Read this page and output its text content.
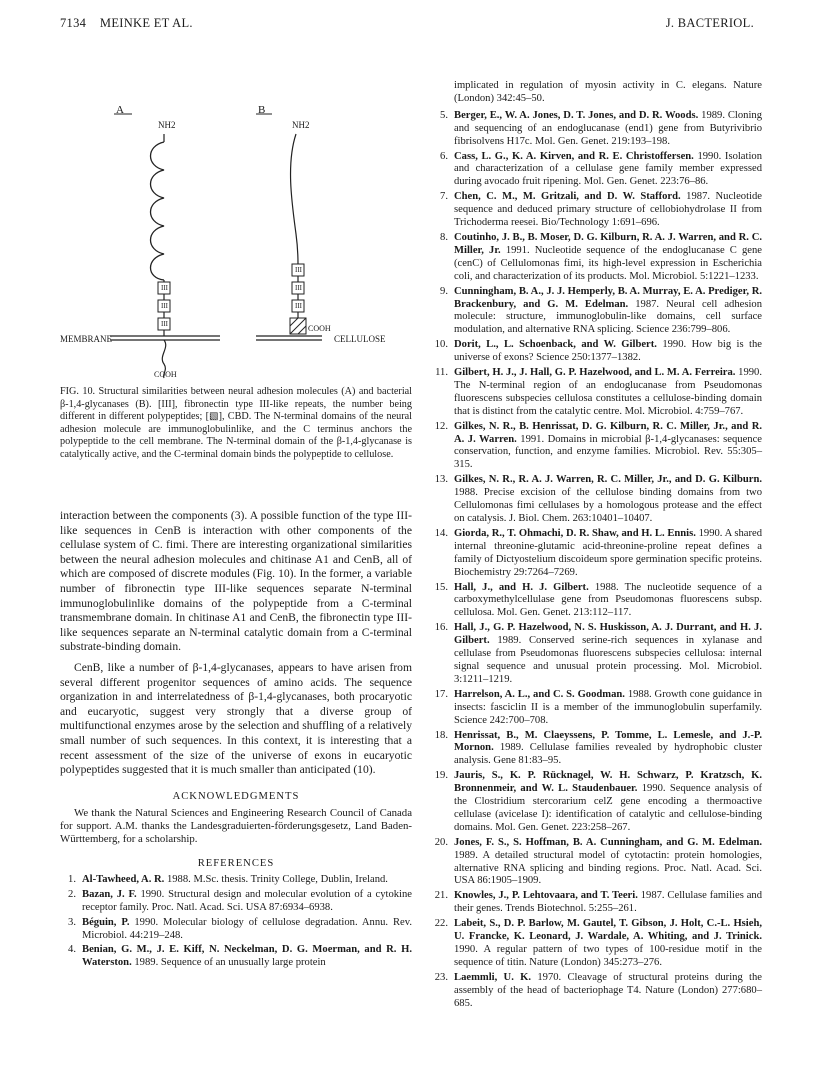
7134 MEINKE ET AL.	J. BACTERIOL.
A	B
NH2	NH2
III
III
III
III
III
III
MEMBRANE	CELLULOSE
COOH
COOH
FIG. 10. Structural similarities between neural adhesion molecules (A) and bacterial β-1,4-glycanases (B). [III], fibronectin type III-like repeats, the number being different in different polypeptides; [▧], CBD. The N-terminal domains of the neural adhesion molecule are immunoglobulinlike, and the C terminus anchors the polypeptide to the cell membrane. The N-terminal domain of the β-1,4-glycanase is catalytically active, and the C-terminal domain binds the polypeptide to cellulose.

interaction between the components (3). A possible function of the type III-like sequences in CenB is interaction with other components of the cellulase system of C. fimi. There are interesting organizational similarities between the neural adhesion molecules and chitinase A1 and CenB, all of which are composed of discrete modules (Fig. 10). In the former, a variable number of fibronectin type III-like sequences separate N-terminal immunoglobulinlike domains of the polypeptide from a C-terminal transmembrane domain. In chitinase A1 and CenB, the fibronectin type III-like sequences separate an N-terminal catalytic domain from a C-terminal substrate-binding domain.

CenB, like a number of β-1,4-glycanases, appears to have arisen from several different progenitor sequences of amino acids. The sequence organization in and interrelatedness of β-1,4-glycanases, both procaryotic and eucaryotic, suggest very strongly that a diverse group of multifunctional enzymes arose by the selection and shuffling of a relatively small number of such sequences. In this context, it is interesting that a recent assessment of the size of the universe of exons in eucaryotic polypeptides suggested that it is much smaller than anticipated (10).

ACKNOWLEDGMENTS
We thank the Natural Sciences and Engineering Research Council of Canada for support. A.M. thanks the Landesgraduierten-förderungsgesetz, Land Baden-Württemberg, for a scholarship.
REFERENCES
1. Al-Tawheed, A. R. 1988. M.Sc. thesis. Trinity College, Dublin, Ireland.
2. Bazan, J. F. 1990. Structural design and molecular evolution of a cytokine receptor family. Proc. Natl. Acad. Sci. USA 87:6934–6938.
3. Béguin, P. 1990. Molecular biology of cellulose degradation. Annu. Rev. Microbiol. 44:219–248.
4. Benian, G. M., J. E. Kiff, N. Neckelman, D. G. Moerman, and R. H. Waterston. 1989. Sequence of an unusually large protein
implicated in regulation of myosin activity in C. elegans. Nature (London) 342:45–50.
5. Berger, E., W. A. Jones, D. T. Jones, and D. R. Woods. 1989. Cloning and sequencing of an endoglucanase (end1) gene from Butyrivibrio fibrisolvens H17c. Mol. Gen. Genet. 219:193–198.
6. Cass, L. G., K. A. Kirven, and R. E. Christoffersen. 1990. Isolation and characterization of a cellulase gene family member expressed during avocado fruit ripening. Mol. Gen. Genet. 223:76–86.
7. Chen, C. M., M. Gritzali, and D. W. Stafford. 1987. Nucleotide sequence and deduced primary structure of cellobiohydrolase II from Trichoderma reesei. Bio/Technology 1:691–696.
8. Coutinho, J. B., B. Moser, D. G. Kilburn, R. A. J. Warren, and R. C. Miller, Jr. 1991. Nucleotide sequence of the endoglucanase C gene (cenC) of Cellulomonas fimi, its high-level expression in Escherichia coli, and characterization of its products. Mol. Microbiol. 5:1221–1233.
9. Cunningham, B. A., J. J. Hemperly, B. A. Murray, E. A. Prediger, R. Brackenbury, and G. M. Edelman. 1987. Neural cell adhesion molecule: structure, immunoglobulin-like domains, cell surface modulation, and alternative RNA splicing. Science 236:799–806.
10. Dorit, L., L. Schoenback, and W. Gilbert. 1990. How big is the universe of exons? Science 250:1377–1382.
11. Gilbert, H. J., J. Hall, G. P. Hazelwood, and L. M. A. Ferreira. 1990. The N-terminal region of an endoglucanase from Pseudomonas fluorescens subspecies cellulosa constitutes a cellulose-binding domain that is distinct from the catalytic centre. Mol. Microbiol. 4:759–767.
12. Gilkes, N. R., B. Henrissat, D. G. Kilburn, R. C. Miller, Jr., and R. A. J. Warren. 1991. Domains in microbial β-1,4-glycanases: sequence conservation, function, and enzyme families. Microbiol. Rev. 55:305–315.
13. Gilkes, N. R., R. A. J. Warren, R. C. Miller, Jr., and D. G. Kilburn. 1988. Precise excision of the cellulose binding domains from two Cellulomonas fimi cellulases by a homologous protease and the effect on catalysis. J. Biol. Chem. 263:10401–10407.
14. Giorda, R., T. Ohmachi, D. R. Shaw, and H. L. Ennis. 1990. A shared internal threonine-glutamic acid-threonine-proline repeat defines a family of Dictyostelium discoideum spore germination specific proteins. Biochemistry 29:7264–7269.
15. Hall, J., and H. J. Gilbert. 1988. The nucleotide sequence of a carboxymethylcellulase gene from Pseudomonas fluorescens subsp. cellulosa. Mol. Gen. Genet. 213:112–117.
16. Hall, J., G. P. Hazelwood, N. S. Huskisson, A. J. Durrant, and H. J. Gilbert. 1989. Conserved serine-rich sequences in xylanase and cellulase from Pseudomonas fluorescens subspecies cellulosa: internal signal sequence and unusual protein processing. Mol. Microbiol. 3:1211–1219.
17. Harrelson, A. L., and C. S. Goodman. 1988. Growth cone guidance in insects: fasciclin II is a member of the immunoglobulin superfamily. Science 242:700–708.
18. Henrissat, B., M. Claeyssens, P. Tomme, L. Lemesle, and J.-P. Mornon. 1989. Cellulase families revealed by hydrophobic cluster analysis. Gene 81:83–95.
19. Jauris, S., K. P. Rücknagel, W. H. Schwarz, P. Kratzsch, K. Bronnenmeir, and W. L. Staudenbauer. 1990. Sequence analysis of the Clostridium stercorarium celZ gene encoding a thermoactive cellulase (avicelase I): identification of catalytic and cellulose-binding domains. Mol. Gen. Genet. 223:258–267.
20. Jones, F. S., S. Hoffman, B. A. Cunningham, and G. M. Edelman. 1989. A detailed structural model of cytotactin: protein homologies, alternative RNA splicing and binding regions. Proc. Natl. Acad. Sci. USA 86:1905–1909.
21. Knowles, J., P. Lehtovaara, and T. Teeri. 1987. Cellulase families and their genes. Trends Biotechnol. 5:255–261.
22. Labeit, S., D. P. Barlow, M. Gautel, T. Gibson, J. Holt, C.-L. Hsieh, U. Francke, K. Leonard, J. Wardale, A. Whiting, and J. Trinick. 1990. A regular pattern of two types of 100-residue motif in the sequence of titin. Nature (London) 345:273–276.
23. Laemmli, U. K. 1970. Cleavage of structural proteins during the assembly of the head of bacteriophage T4. Nature (London) 277:680–685.
